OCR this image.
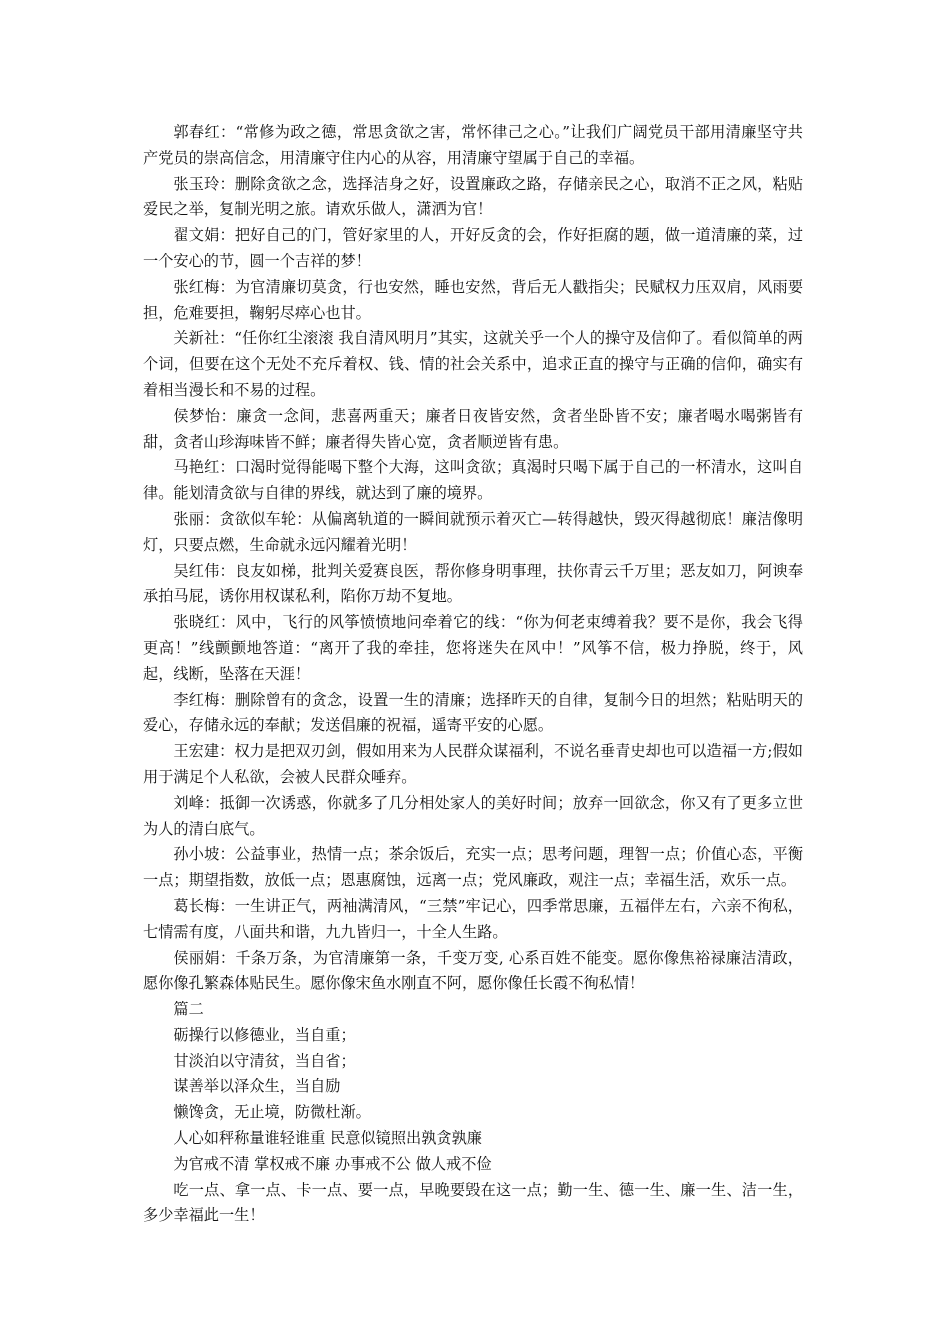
郭春红：“常修为政之德，常思贪欲之害，常怀律己之心。”让我们广阔党员干部用清廉坚守共产党员的崇高信念，用清廉守住内心的从容，用清廉守望属于自己的幸福。

张玉玲：删除贪欲之念，选择洁身之好，设置廉政之路，存储亲民之心，取消不正之风，粘贴爱民之举，复制光明之旅。请欢乐做人，潇洒为官！

翟文娟：把好自己的门，管好家里的人，开好反贪的会，作好拒腐的题，做一道清廉的菜，过一个安心的节，圆一个吉祥的梦！

张红梅：为官清廉切莫贪，行也安然，睡也安然，背后无人戳指尖；民赋权力压双肩，风雨要担，危难要担，鞠躬尽瘁心也甘。

关新社：“任你红尘滚滚 我自清风明月”其实，这就关乎一个人的操守及信仰了。看似简单的两个词，但要在这个无处不充斥着权、钱、情的社会关系中，追求正直的操守与正确的信仰，确实有着相当漫长和不易的过程。

侯梦怡：廉贪一念间，悲喜两重天；廉者日夜皆安然，贪者坐卧皆不安；廉者喝水喝粥皆有甜，贪者山珍海味皆不鲜；廉者得失皆心宽，贪者顺逆皆有患。

马艳红：口渴时觉得能喝下整个大海，这叫贪欲；真渴时只喝下属于自己的一杯清水，这叫自律。能划清贪欲与自律的界线，就达到了廉的境界。

张丽：贪欲似车轮：从偏离轨道的一瞬间就预示着灭亡—转得越快，毁灭得越彻底！廉洁像明灯，只要点燃，生命就永远闪耀着光明！

吴红伟：良友如梯，批判关爱赛良医，帮你修身明事理，扶你青云千万里；恶友如刀，阿谀奉承拍马屁，诱你用权谋私利，陷你万劫不复地。

张晓红：风中，飞行的风筝愤愤地问牵着它的线：“你为何老束缚着我？要不是你，我会飞得更高！”线颤颤地答道：“离开了我的牵挂，您将迷失在风中！”风筝不信，极力挣脱，终于，风起，线断，坠落在天涯！

李红梅：删除曾有的贪念，设置一生的清廉；选择昨天的自律，复制今日的坦然；粘贴明天的爱心，存储永远的奉献；发送倡廉的祝福，遥寄平安的心愿。

王宏建：权力是把双刃剑，假如用来为人民群众谋福利，不说名垂青史却也可以造福一方;假如用于满足个人私欲，会被人民群众唾弃。

刘峰：抵御一次诱惑，你就多了几分相处家人的美好时间；放弃一回欲念，你又有了更多立世为人的清白底气。

孙小坡：公益事业，热情一点；茶余饭后，充实一点；思考问题，理智一点；价值心态，平衡一点；期望指数，放低一点；恩惠腐蚀，远离一点；党风廉政，观注一点；幸福生活，欢乐一点。

葛长梅：一生讲正气，两袖满清风，“三禁”牢记心，四季常思廉，五福伴左右，六亲不徇私，七情需有度，八面共和谐，九九皆归一，十全人生路。

侯丽娟：千条万条，为官清廉第一条，千变万变, 心系百姓不能变。愿你像焦裕禄廉洁清政，愿你像孔繁森体贴民生。愿你像宋鱼水刚直不阿，愿你像任长霞不徇私情！

篇二

砺操行以修德业，当自重；

甘淡泊以守清贫，当自省；

谋善举以泽众生，当自励

懒馋贪，无止境，防微杜渐。

人心如秤称量谁轻谁重 民意似镜照出孰贪孰廉

为官戒不清 掌权戒不廉 办事戒不公 做人戒不俭

吃一点、拿一点、卡一点、要一点，早晚要毁在这一点；勤一生、德一生、廉一生、洁一生，多少幸福此一生！
